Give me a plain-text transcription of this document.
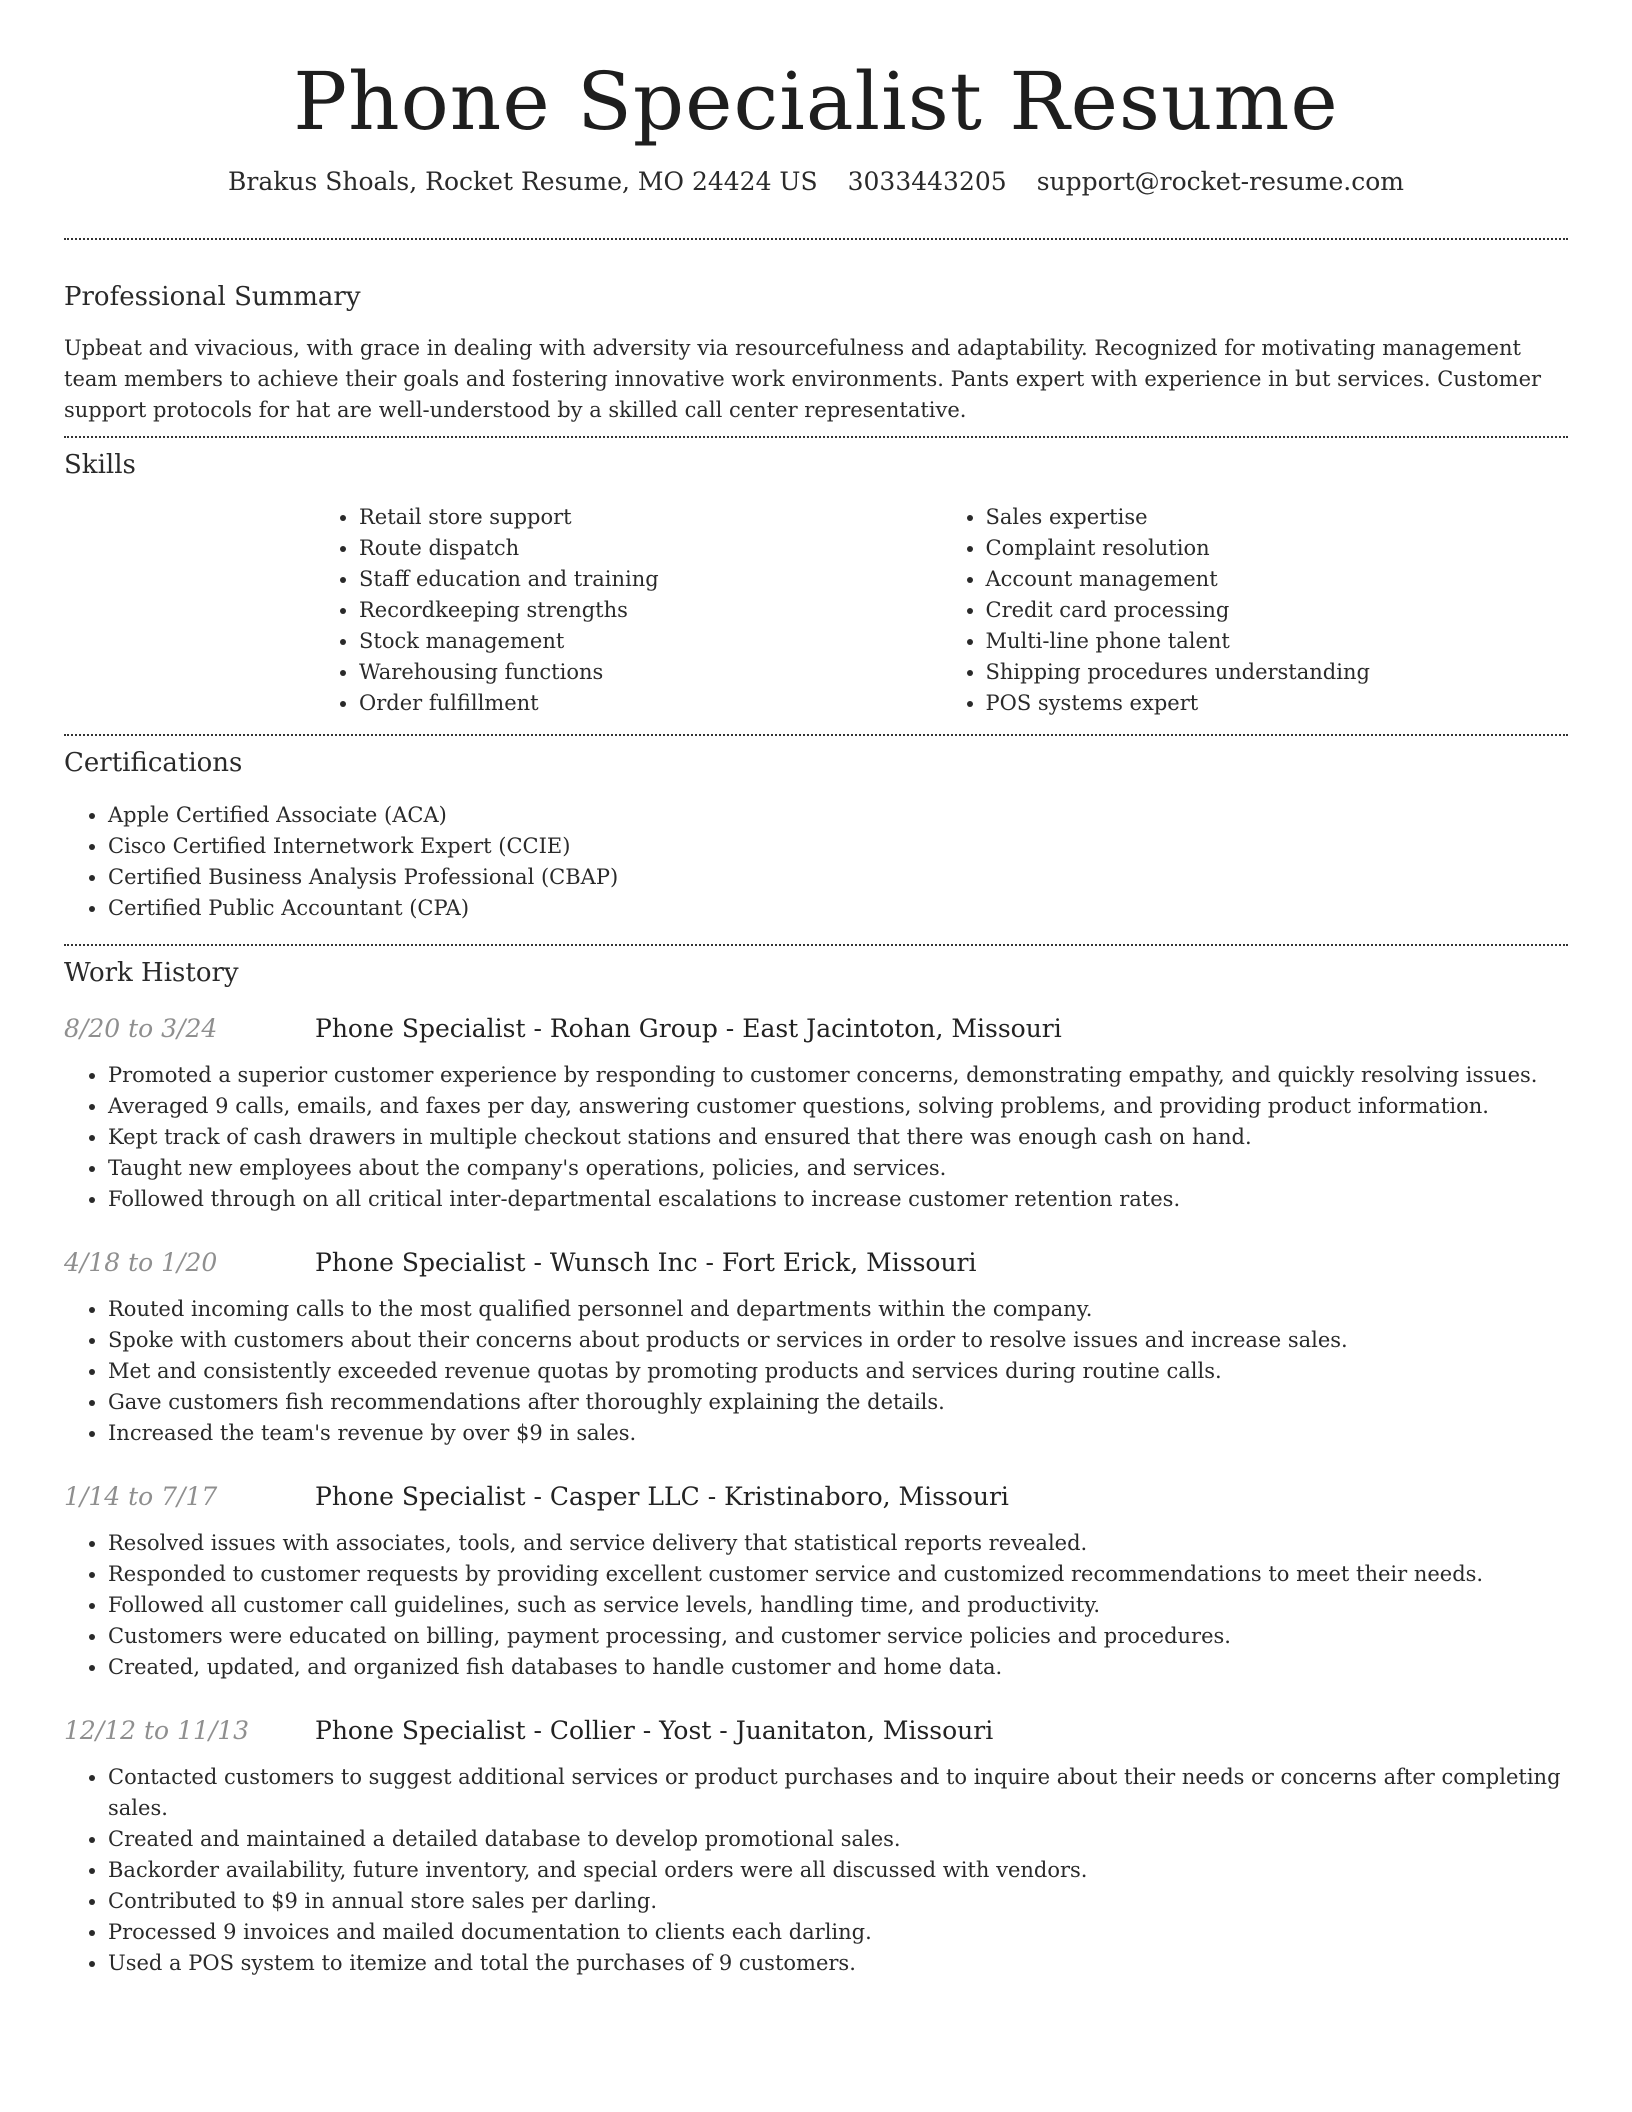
Phone Specialist Resume
Brakus Shoals, Rocket Resume, MO 24424 US 3033443205 support@rocket-resume.com
Professional Summary

Upbeat and vivacious, with grace in dealing with adversity via resourcefulness and adaptability. Recognized for motivating management team members to achieve their goals and fostering innovative work environments. Pants expert with experience in but services. Customer support protocols for hat are well-understood by a skilled call center representative.

Skills
• Retail store support
• Route dispatch
• Staff education and training
• Recordkeeping strengths
• Stock management
• Warehousing functions
• Order fulfillment
• Sales expertise
• Complaint resolution
• Account management
• Credit card processing
• Multi-line phone talent
• Shipping procedures understanding
• POS systems expert
Certifications
• Apple Certified Associate (ACA)
• Cisco Certified Internetwork Expert (CCIE)
• Certified Business Analysis Professional (CBAP)
• Certified Public Accountant (CPA)
Work History
8/20 to 3/24	Phone Specialist - Rohan Group - East Jacintoton, Missouri
• Promoted a superior customer experience by responding to customer concerns, demonstrating empathy, and quickly resolving issues.
• Averaged 9 calls, emails, and faxes per day, answering customer questions, solving problems, and providing product information.
• Kept track of cash drawers in multiple checkout stations and ensured that there was enough cash on hand.
• Taught new employees about the company's operations, policies, and services.
• Followed through on all critical inter-departmental escalations to increase customer retention rates.
4/18 to 1/20	Phone Specialist - Wunsch Inc - Fort Erick, Missouri
• Routed incoming calls to the most qualified personnel and departments within the company.
• Spoke with customers about their concerns about products or services in order to resolve issues and increase sales.
• Met and consistently exceeded revenue quotas by promoting products and services during routine calls.
• Gave customers fish recommendations after thoroughly explaining the details.
• Increased the team's revenue by over $9 in sales.
1/14 to 7/17	Phone Specialist - Casper LLC - Kristinaboro, Missouri
• Resolved issues with associates, tools, and service delivery that statistical reports revealed.
• Responded to customer requests by providing excellent customer service and customized recommendations to meet their needs.
• Followed all customer call guidelines, such as service levels, handling time, and productivity.
• Customers were educated on billing, payment processing, and customer service policies and procedures.
• Created, updated, and organized fish databases to handle customer and home data.
12/12 to 11/13	Phone Specialist - Collier - Yost - Juanitaton, Missouri
• Contacted customers to suggest additional services or product purchases and to inquire about their needs or concerns after completing sales.
• Created and maintained a detailed database to develop promotional sales.
• Backorder availability, future inventory, and special orders were all discussed with vendors.
• Contributed to $9 in annual store sales per darling.
• Processed 9 invoices and mailed documentation to clients each darling.
• Used a POS system to itemize and total the purchases of 9 customers.
